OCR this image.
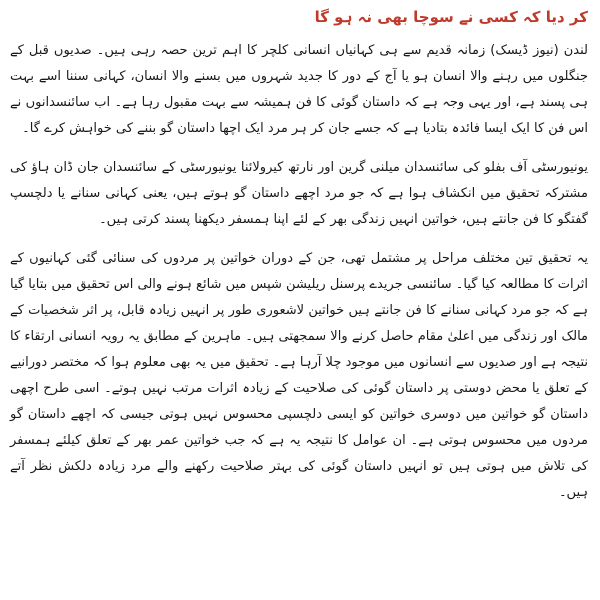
کر دیا کہ کسی نے سوچا بھی نہ ہو گا

لندن (نیوز ڈیسک) زمانہ قدیم سے ہی کہانیاں انسانی کلچر کا اہم ترین حصہ رہی ہیں۔ صدیوں قبل کے جنگلوں میں رہنے والا انسان ہو یا آج کے دور کا جدید شہروں میں بسنے والا انسان، کہانی سننا اسے بہت ہی پسند ہے، اور یہی وجہ ہے کہ داستان گوئی کا فن ہمیشہ سے بہت مقبول رہا ہے۔ اب سائنسدانوں نے اس فن کا ایک ایسا فائدہ بتادیا ہے کہ جسے جان کر ہر مرد ایک اچھا داستان گو بننے کی خواہش کرے گا۔

یونیورسٹی آف بفلو کی سائنسدان میلنی گرین اور نارتھ کیرولائنا یونیورسٹی کے سائنسدان جان ڈان ہاؤ کی مشترکہ تحقیق میں انکشاف ہوا ہے کہ جو مرد اچھے داستان گو ہوتے ہیں، یعنی کہانی سنانے یا دلچسپ گفتگو کا فن جانتے ہیں، خواتین انہیں زندگی بھر کے لئے اپنا ہمسفر دیکھنا پسند کرتی ہیں۔

یہ تحقیق تین مختلف مراحل پر مشتمل تھی، جن کے دوران خواتین پر مردوں کی سنائی گئی کہانیوں کے اثرات کا مطالعہ کیا گیا۔ سائنسی جریدے پرسنل ریلیشن شپس میں شائع ہونے والی اس تحقیق میں بتایا گیا ہے کہ جو مرد کہانی سنانے کا فن جانتے ہیں خواتین لاشعوری طور پر انہیں زیادہ قابل، پر اثر شخصیات کے مالک اور زندگی میں اعلیٰ مقام حاصل کرنے والا سمجھتی ہیں۔ ماہرین کے مطابق یہ رویہ انسانی ارتقاء کا نتیجہ ہے اور صدیوں سے انسانوں میں موجود چلا آرہا ہے۔ تحقیق میں یہ بھی معلوم ہوا کہ مختصر دورانیے کے تعلق یا محض دوستی پر داستان گوئی کی صلاحیت کے زیادہ اثرات مرتب نہیں ہوتے۔ اسی طرح اچھی داستان گو خواتین میں دوسری خواتین کو ایسی دلچسپی محسوس نہیں ہوتی جیسی کہ اچھے داستان گو مردوں میں محسوس ہوتی ہے۔ ان عوامل کا نتیجہ یہ ہے کہ جب خواتین عمر بھر کے تعلق کیلئے ہمسفر کی تلاش میں ہوتی ہیں تو انہیں داستان گوئی کی بہتر صلاحیت رکھنے والے مرد زیادہ دلکش نظر آتے ہیں۔
